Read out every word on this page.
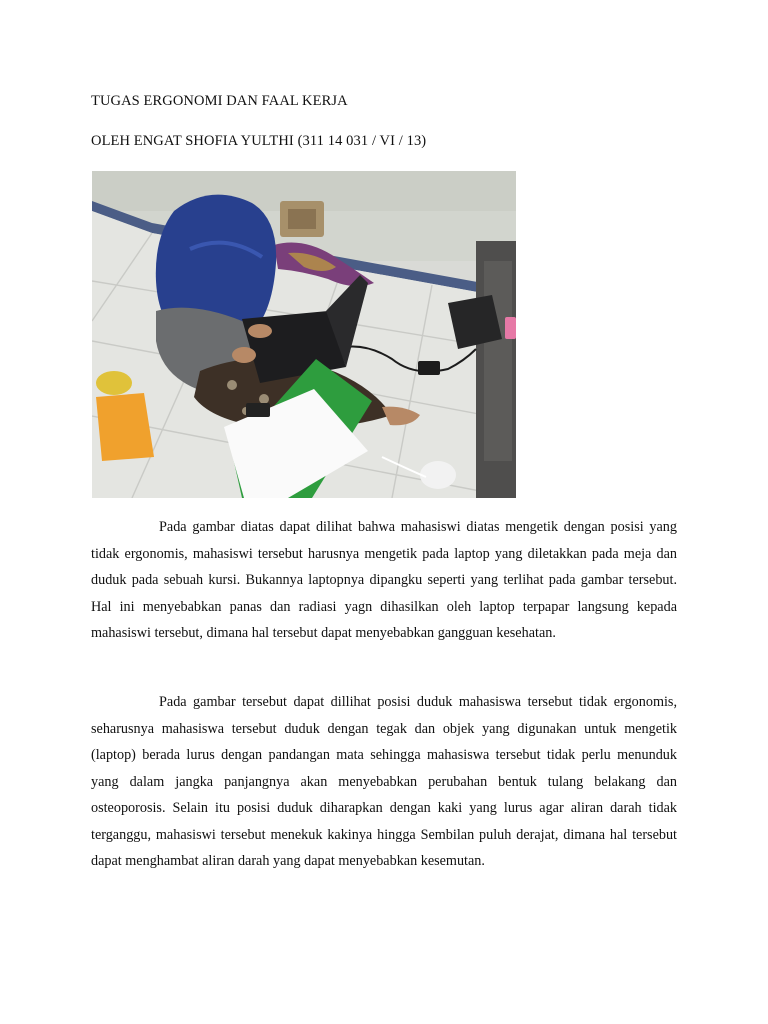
TUGAS ERGONOMI DAN FAAL KERJA
OLEH ENGAT SHOFIA YULTHI (311 14 031 / VI / 13)

Pada gambar diatas dapat dilihat bahwa mahasiswi diatas mengetik dengan posisi yang tidak ergonomis, mahasiswi tersebut harusnya mengetik pada laptop yang diletakkan pada meja dan duduk pada sebuah kursi. Bukannya laptopnya dipangku seperti yang terlihat pada gambar tersebut. Hal ini menyebabkan panas dan radiasi yagn dihasilkan oleh laptop terpapar langsung kepada mahasiswi tersebut, dimana hal tersebut dapat menyebabkan gangguan kesehatan.

Pada gambar tersebut dapat dillihat posisi duduk mahasiswa tersebut tidak ergonomis, seharusnya mahasiswa tersebut duduk dengan tegak dan objek yang digunakan untuk mengetik (laptop) berada lurus dengan pandangan mata sehingga mahasiswa tersebut tidak perlu menunduk yang dalam jangka panjangnya akan menyebabkan perubahan bentuk tulang belakang dan osteoporosis. Selain itu posisi duduk diharapkan dengan kaki yang lurus agar aliran darah tidak terganggu, mahasiswi tersebut menekuk kakinya hingga Sembilan puluh derajat, dimana hal tersebut dapat menghambat aliran darah yang dapat menyebabkan kesemutan.
